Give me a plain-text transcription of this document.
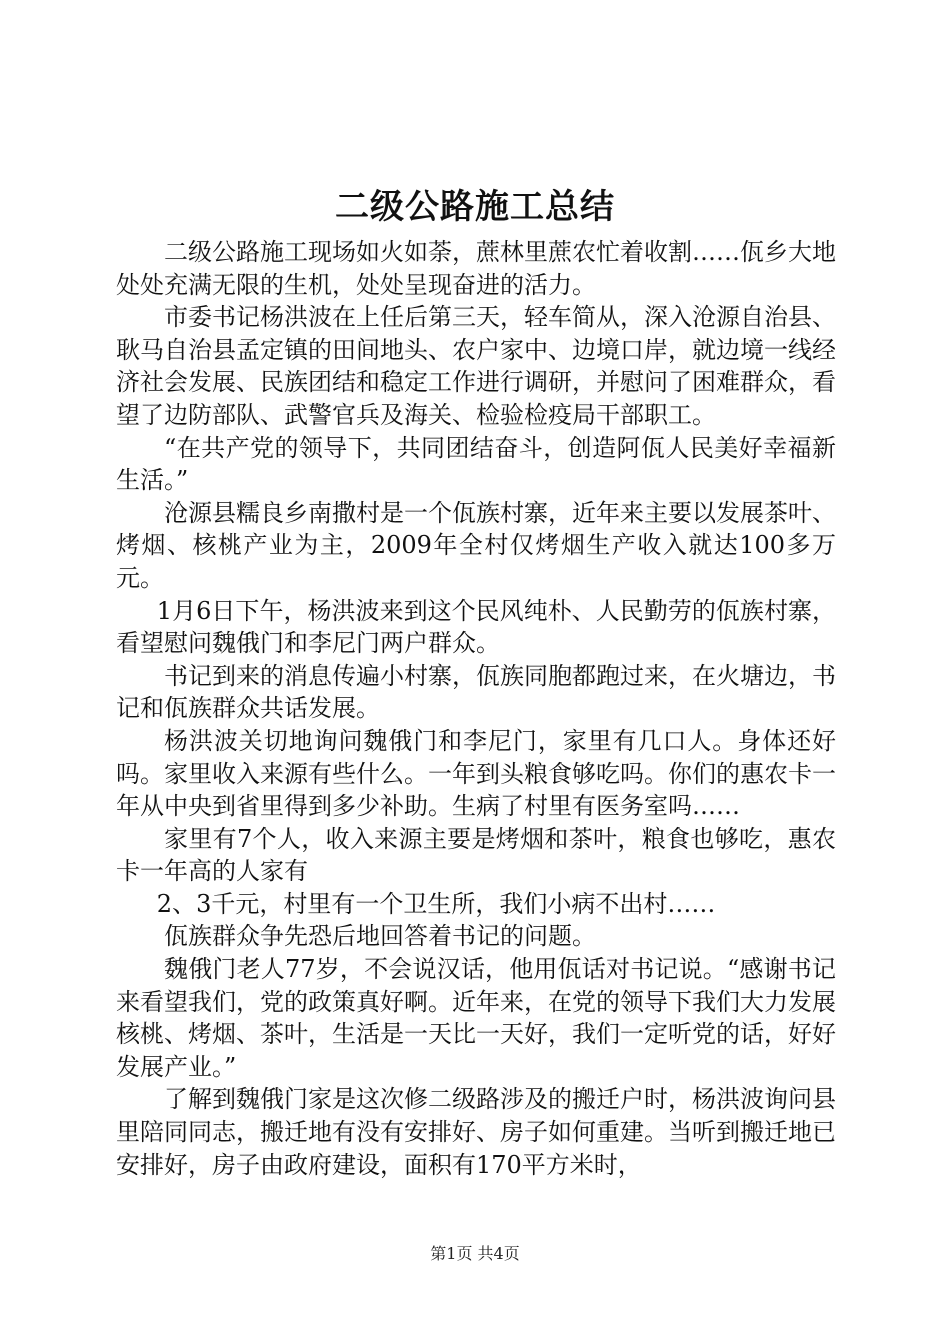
二级公路施工总结

二级公路施工现场如火如荼，蔗林里蔗农忙着收割……佤乡大地处处充满无限的生机，处处呈现奋进的活力。

市委书记杨洪波在上任后第三天，轻车简从，深入沧源自治县、耿马自治县孟定镇的田间地头、农户家中、边境口岸，就边境一线经济社会发展、民族团结和稳定工作进行调研，并慰问了困难群众，看望了边防部队、武警官兵及海关、检验检疫局干部职工。

“在共产党的领导下，共同团结奋斗，创造阿佤人民美好幸福新生活。”

沧源县糯良乡南撒村是一个佤族村寨，近年来主要以发展茶叶、烤烟、核桃产业为主，2009年全村仅烤烟生产收入就达100多万元。

1月6日下午，杨洪波来到这个民风纯朴、人民勤劳的佤族村寨，看望慰问魏俄门和李尼门两户群众。

书记到来的消息传遍小村寨，佤族同胞都跑过来，在火塘边，书记和佤族群众共话发展。

杨洪波关切地询问魏俄门和李尼门，家里有几口人。身体还好吗。家里收入来源有些什么。一年到头粮食够吃吗。你们的惠农卡一年从中央到省里得到多少补助。生病了村里有医务室吗……

家里有7个人，收入来源主要是烤烟和茶叶，粮食也够吃，惠农卡一年高的人家有

2、3千元，村里有一个卫生所，我们小病不出村……

佤族群众争先恐后地回答着书记的问题。

魏俄门老人77岁，不会说汉话，他用佤话对书记说。“感谢书记来看望我们，党的政策真好啊。近年来，在党的领导下我们大力发展核桃、烤烟、茶叶，生活是一天比一天好，我们一定听党的话，好好发展产业。”

了解到魏俄门家是这次修二级路涉及的搬迁户时，杨洪波询问县里陪同同志，搬迁地有没有安排好、房子如何重建。当听到搬迁地已安排好，房子由政府建设，面积有170平方米时，

第1页 共4页
